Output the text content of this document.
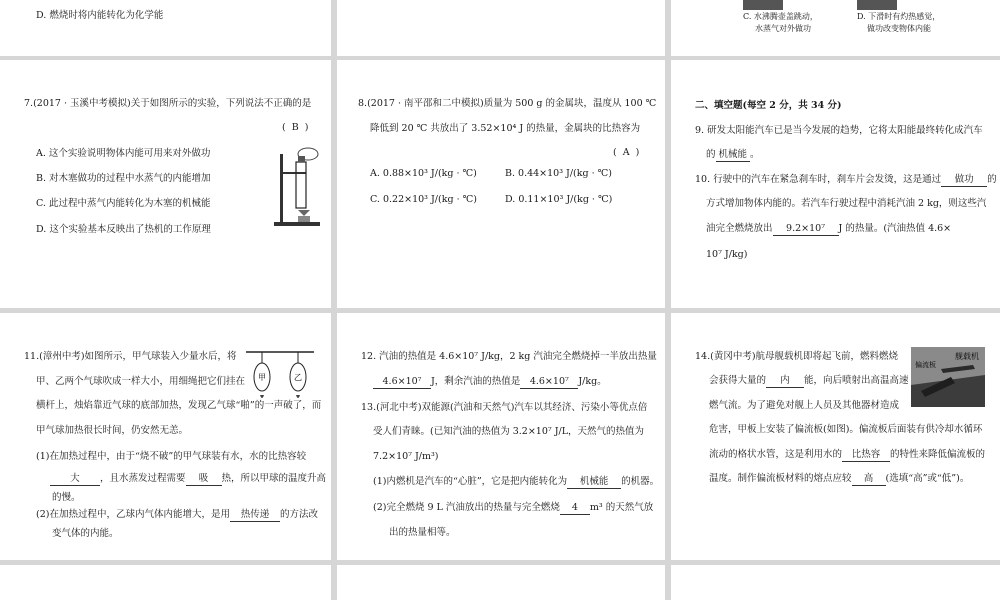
D. 燃烧时将内能转化为化学能	C. 水沸腾壶盖跳动，
水蒸气对外做功
D. 下滑时有灼热感觉，
做功改变物体内能
7.(2017 · 玉溪中考模拟)关于如图所示的实验，下列说法不正确的是
(  B  )
A. 这个实验说明物体内能可用来对外做功
B. 对木塞做功的过程中水蒸气的内能增加
C. 此过程中蒸气内能转化为木塞的机械能
D. 这个实验基本反映出了热机的工作原理
8.(2017 · 南平邵和二中模拟)质量为 500 g 的金属块，温度从 100 ℃
降低到 20 ℃ 共放出了 3.52×10⁴ J 的热量，金属块的比热容为
(  A  )
A. 0.88×10³ J/(kg · ℃)	B. 0.44×10³ J/(kg · ℃)
C. 0.22×10³ J/(kg · ℃)	D. 0.11×10³ J/(kg · ℃)
二、填空题(每空 2 分，共 34 分)
9. 研发太阳能汽车已是当今发展的趋势，它将太阳能最终转化成汽车
的 机械能 。
10. 行驶中的汽车在紧急刹车时，刹车片会发烫，这是通过 做功 的
方式增加物体内能的。若汽车行驶过程中消耗汽油 2 kg，则这些汽
油完全燃烧放出 9.2×10⁷ J 的热量。(汽油热值 4.6×
10⁷ J/kg)
11.(漳州中考)如图所示，甲气球装入少量水后，将
甲、乙两个气球吹成一样大小，用细绳把它们挂在
横杆上，烛焰靠近气球的底部加热，发现乙气球“啪”的一声破了，而
甲气球加热很长时间，仍安然无恙。
(1)在加热过程中，由于“烧不破”的甲气球装有水，水的比热容较
大 ，且水蒸发过程需要 吸 热，所以甲球的温度升高
的慢。
(2)在加热过程中，乙球内气体内能增大，是用 热传递 的方法改
变气体的内能。
甲	乙
12. 汽油的热值是 4.6×10⁷ J/kg，2 kg 汽油完全燃烧掉一半放出热量
4.6×10⁷ J，剩余汽油的热值是 4.6×10⁷ J/kg。
13.(河北中考)双能源(汽油和天然气)汽车以其经济、污染小等优点倍
受人们青睐。(已知汽油的热值为 3.2×10⁷ J/L，天然气的热值为
7.2×10⁷ J/m³)
(1)内燃机是汽车的“心脏”，它是把内能转化为 机械能 的机器。
(2)完全燃烧 9 L 汽油放出的热量与完全燃烧 4 m³ 的天然气放
出的热量相等。
14.(黄冈中考)航母舰载机即将起飞前，燃料燃烧
会获得大量的 内 能，向后喷射出高温高速
燃气流。为了避免对舰上人员及其他器材造成
危害，甲板上安装了偏流板(如图)。偏流板后面装有供冷却水循环
流动的格状水管，这是利用水的 比热容 的特性来降低偏流板的
温度。制作偏流板材料的熔点应较 高 (选填“高”或“低”)。
舰载机
偏流板
